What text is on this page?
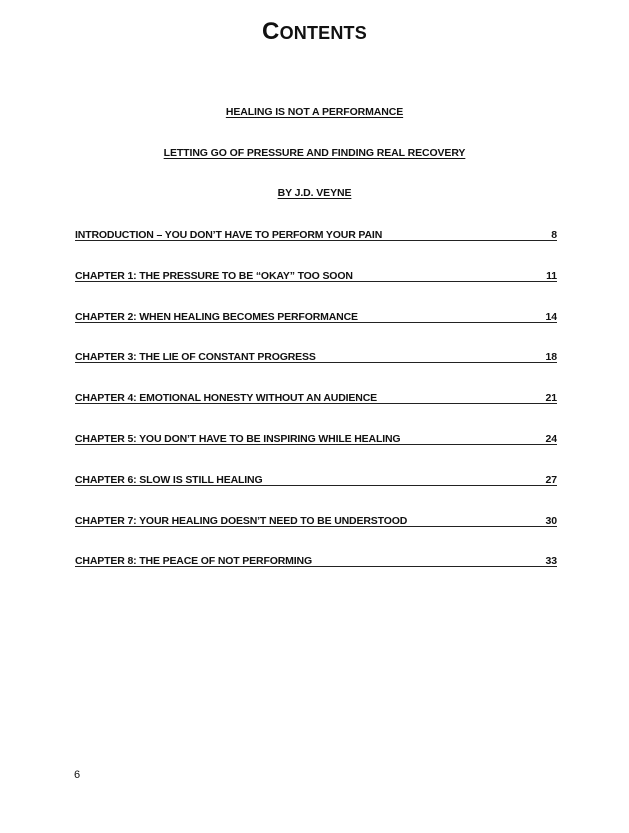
CONTENTS
HEALING IS NOT A PERFORMANCE
LETTING GO OF PRESSURE AND FINDING REAL RECOVERY
BY J.D. VEYNE
INTRODUCTION – YOU DON’T HAVE TO PERFORM YOUR PAIN	8
CHAPTER 1: THE PRESSURE TO BE “OKAY” TOO SOON	11
CHAPTER 2: WHEN HEALING BECOMES PERFORMANCE	14
CHAPTER 3: THE LIE OF CONSTANT PROGRESS	18
CHAPTER 4: EMOTIONAL HONESTY WITHOUT AN AUDIENCE	21
CHAPTER 5: YOU DON’T HAVE TO BE INSPIRING WHILE HEALING	24
CHAPTER 6: SLOW IS STILL HEALING	27
CHAPTER 7: YOUR HEALING DOESN’T NEED TO BE UNDERSTOOD	30
CHAPTER 8: THE PEACE OF NOT PERFORMING	33
6
